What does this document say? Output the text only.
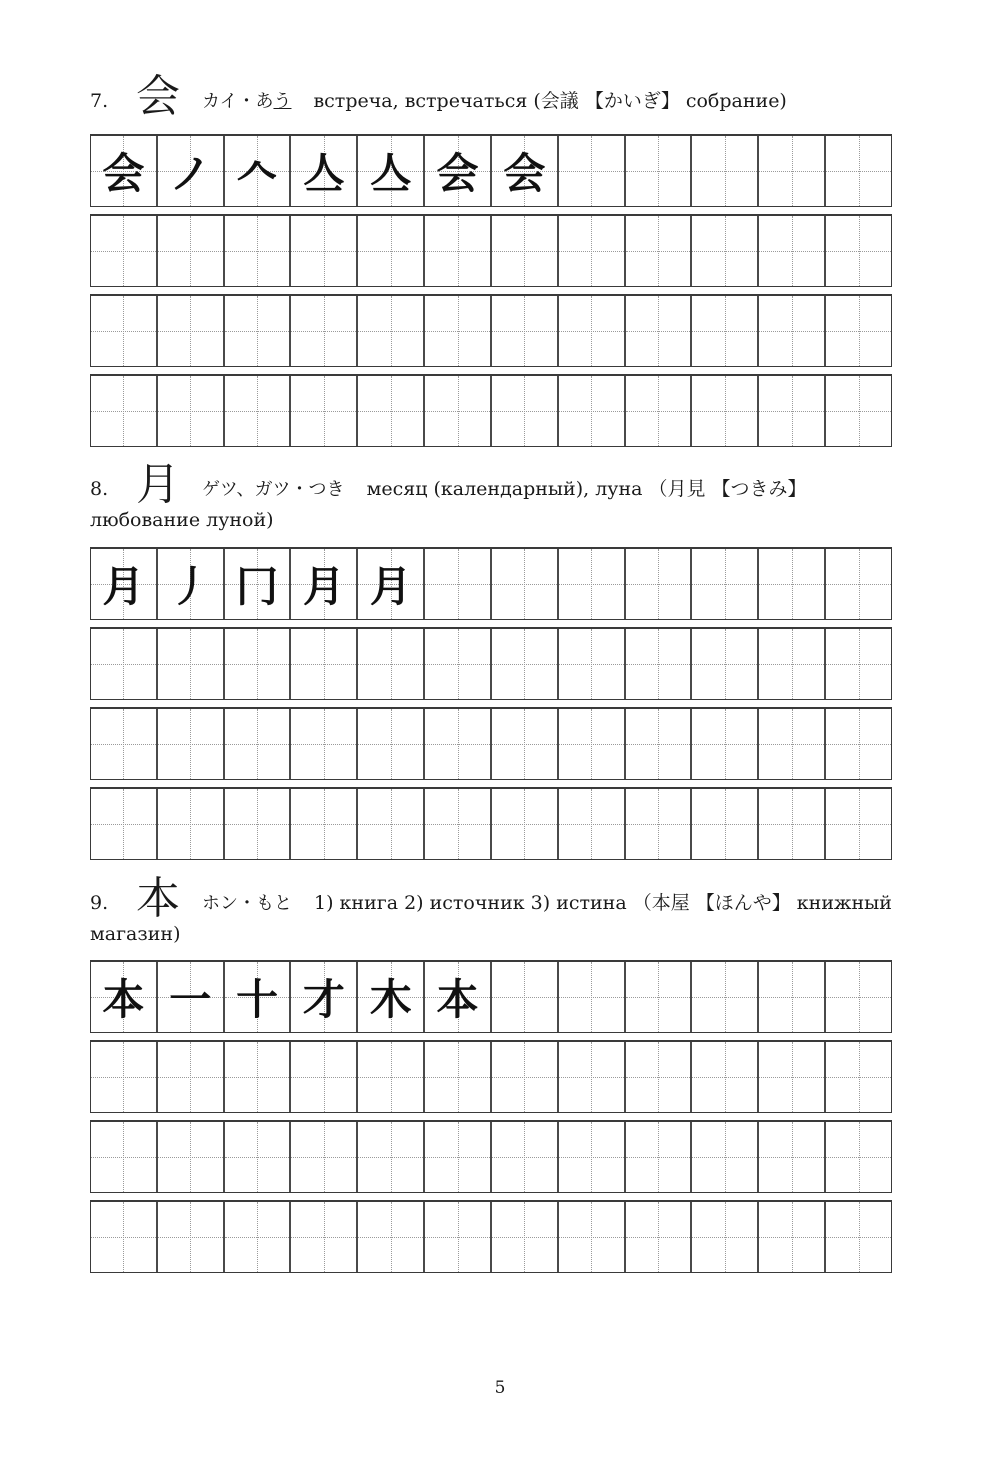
7. 会 カイ・あう встреча, встречаться (会議 【かいぎ】 собрание)
会 ノ 𠆢 亼 亼 会 会
8. 月 ゲツ、ガツ・つき месяц (календарный), луна （月見 【つきみ】 любование луной)
月 丿 冂 月 月
9. 本 ホン・もと 1) книга 2) источник 3) истина （本屋 【ほんや】 книжный магазин)
本 一 十 才 木 本
5
